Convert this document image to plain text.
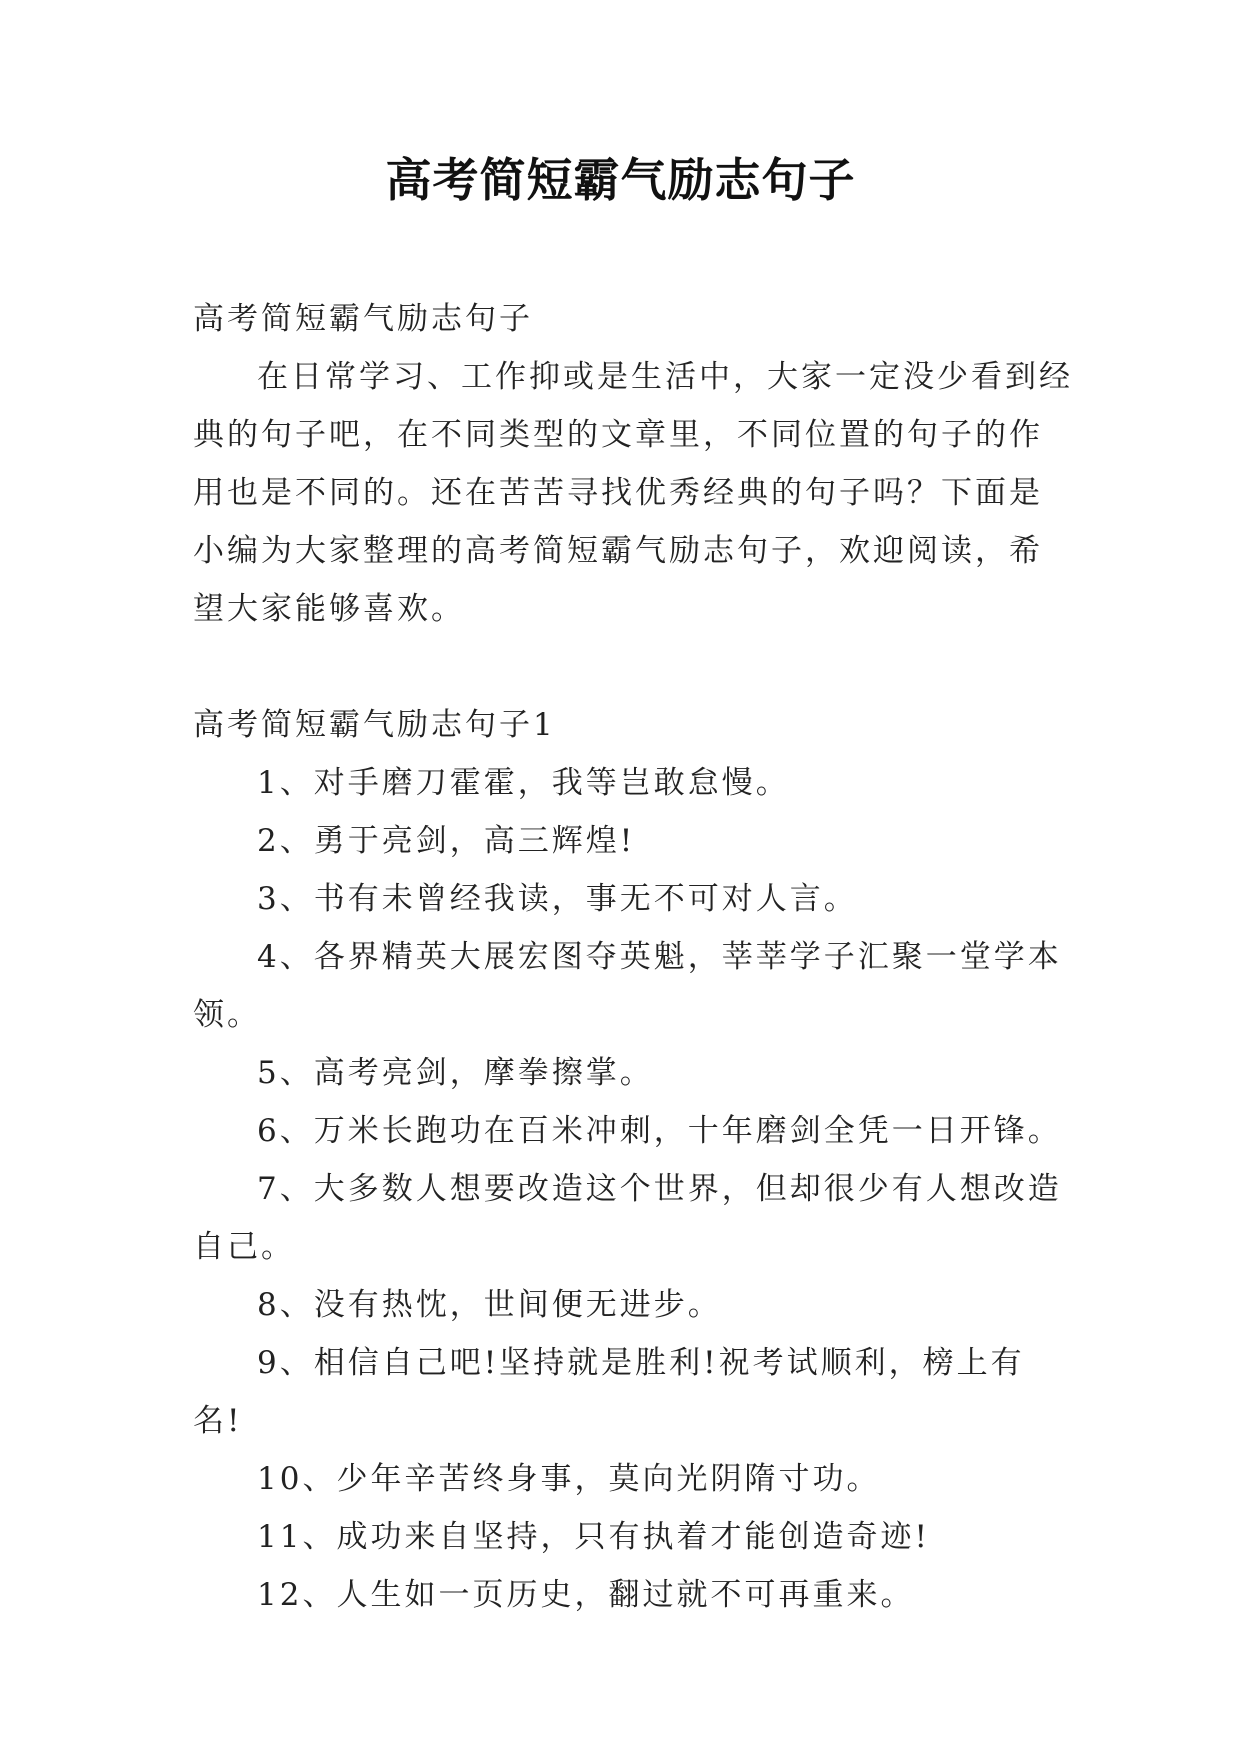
高考简短霸气励志句子

高考简短霸气励志句子

在日常学习、工作抑或是生活中，大家一定没少看到经典的句子吧，在不同类型的文章里，不同位置的句子的作用也是不同的。还在苦苦寻找优秀经典的句子吗？下面是小编为大家整理的高考简短霸气励志句子，欢迎阅读，希望大家能够喜欢。

高考简短霸气励志句子1

1、对手磨刀霍霍，我等岂敢怠慢。

2、勇于亮剑，高三辉煌!

3、书有未曾经我读，事无不可对人言。

4、各界精英大展宏图夺英魁，莘莘学子汇聚一堂学本领。

5、高考亮剑，摩拳擦掌。

6、万米长跑功在百米冲刺，十年磨剑全凭一日开锋。

7、大多数人想要改造这个世界，但却很少有人想改造自己。

8、没有热忱，世间便无进步。

9、相信自己吧!坚持就是胜利!祝考试顺利，榜上有名!

10、少年辛苦终身事，莫向光阴隋寸功。

11、成功来自坚持，只有执着才能创造奇迹!

12、人生如一页历史，翻过就不可再重来。
